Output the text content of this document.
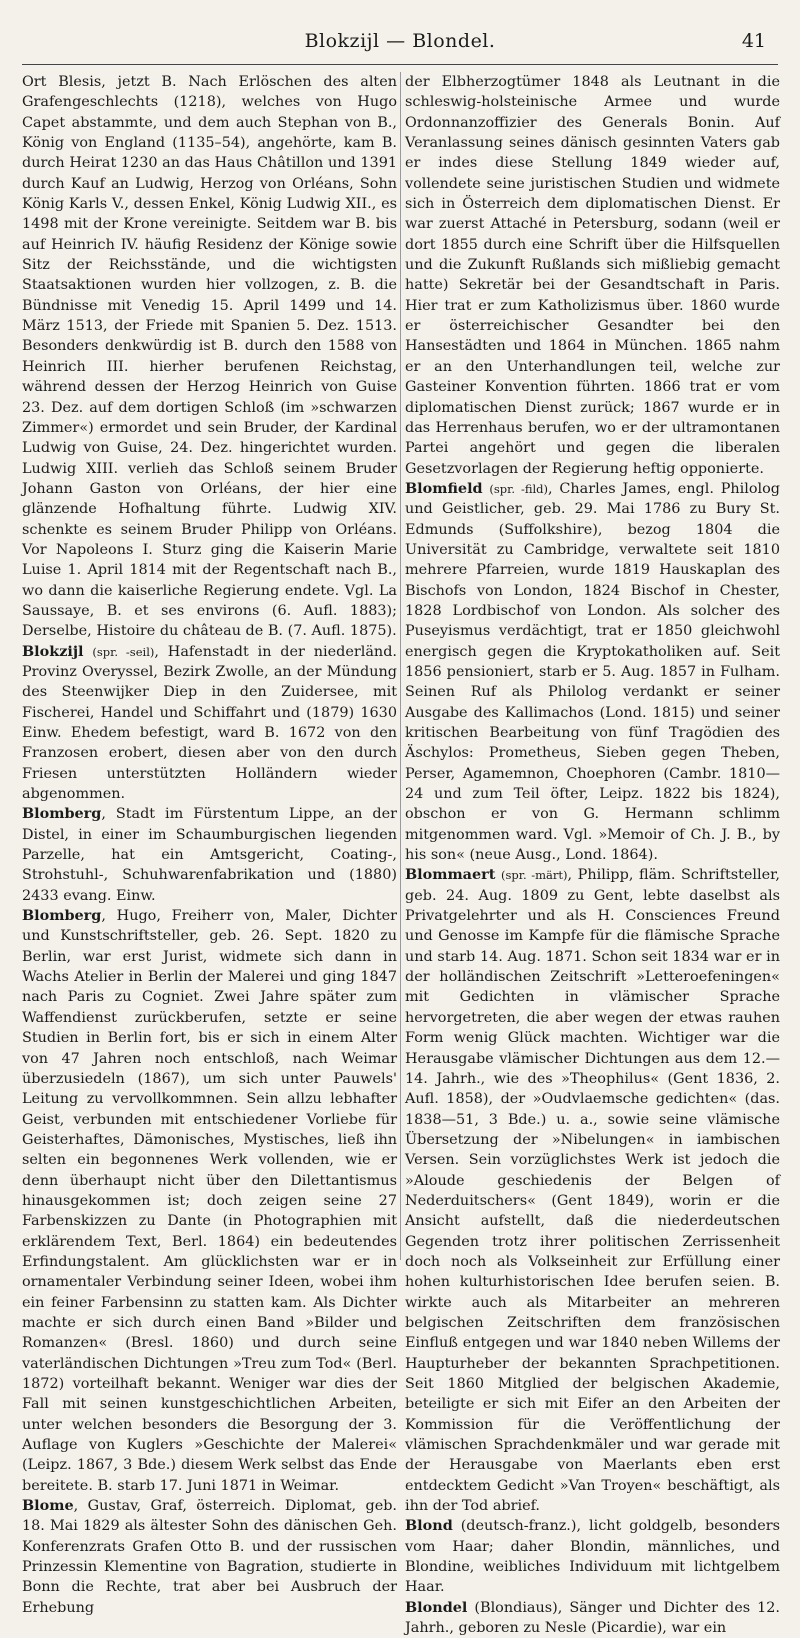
Blokzijl — Blondel.	41

Ort Blesis, jetzt B. Nach Erlöschen des alten Grafengeschlechts (1218), welches von Hugo Capet abstammte, und dem auch Stephan von B., König von England (1135–54), angehörte, kam B. durch Heirat 1230 an das Haus Châtillon und 1391 durch Kauf an Ludwig, Herzog von Orléans, Sohn König Karls V., dessen Enkel, König Ludwig XII., es 1498 mit der Krone vereinigte. Seitdem war B. bis auf Heinrich IV. häufig Residenz der Könige sowie Sitz der Reichsstände, und die wichtigsten Staatsaktionen wurden hier vollzogen, z. B. die Bündnisse mit Venedig 15. April 1499 und 14. März 1513, der Friede mit Spanien 5. Dez. 1513. Besonders denkwürdig ist B. durch den 1588 von Heinrich III. hierher berufenen Reichstag, während dessen der Herzog Heinrich von Guise 23. Dez. auf dem dortigen Schloß (im »schwarzen Zimmer«) ermordet und sein Bruder, der Kardinal Ludwig von Guise, 24. Dez. hingerichtet wurden. Ludwig XIII. verlieh das Schloß seinem Bruder Johann Gaston von Orléans, der hier eine glänzende Hofhaltung führte. Ludwig XIV. schenkte es seinem Bruder Philipp von Orléans. Vor Napoleons I. Sturz ging die Kaiserin Marie Luise 1. April 1814 mit der Regentschaft nach B., wo dann die kaiserliche Regierung endete. Vgl. La Saussaye, B. et ses environs (6. Aufl. 1883); Derselbe, Histoire du château de B. (7. Aufl. 1875).

Blokzijl (spr. -seil), Hafenstadt in der niederländ. Provinz Overyssel, Bezirk Zwolle, an der Mündung des Steenwijker Diep in den Zuidersee, mit Fischerei, Handel und Schiffahrt und (1879) 1630 Einw. Ehedem befestigt, ward B. 1672 von den Franzosen erobert, diesen aber von den durch Friesen unterstützten Holländern wieder abgenommen.

Blomberg, Stadt im Fürstentum Lippe, an der Distel, in einer im Schaumburgischen liegenden Parzelle, hat ein Amtsgericht, Coating-, Strohstuhl-, Schuhwarenfabrikation und (1880) 2433 evang. Einw.

Blomberg, Hugo, Freiherr von, Maler, Dichter und Kunstschriftsteller, geb. 26. Sept. 1820 zu Berlin, war erst Jurist, widmete sich dann in Wachs Atelier in Berlin der Malerei und ging 1847 nach Paris zu Cogniet. Zwei Jahre später zum Waffendienst zurückberufen, setzte er seine Studien in Berlin fort, bis er sich in einem Alter von 47 Jahren noch entschloß, nach Weimar überzusiedeln (1867), um sich unter Pauwels' Leitung zu vervollkommnen. Sein allzu lebhafter Geist, verbunden mit entschiedener Vorliebe für Geisterhaftes, Dämonisches, Mystisches, ließ ihn selten ein begonnenes Werk vollenden, wie er denn überhaupt nicht über den Dilettantismus hinausgekommen ist; doch zeigen seine 27 Farbenskizzen zu Dante (in Photographien mit erklärendem Text, Berl. 1864) ein bedeutendes Erfindungstalent. Am glücklichsten war er in ornamentaler Verbindung seiner Ideen, wobei ihm ein feiner Farbensinn zu statten kam. Als Dichter machte er sich durch einen Band »Bilder und Romanzen« (Bresl. 1860) und durch seine vaterländischen Dichtungen »Treu zum Tod« (Berl. 1872) vorteilhaft bekannt. Weniger war dies der Fall mit seinen kunstgeschichtlichen Arbeiten, unter welchen besonders die Besorgung der 3. Auflage von Kuglers »Geschichte der Malerei« (Leipz. 1867, 3 Bde.) diesem Werk selbst das Ende bereitete. B. starb 17. Juni 1871 in Weimar.

Blome, Gustav, Graf, österreich. Diplomat, geb. 18. Mai 1829 als ältester Sohn des dänischen Geh. Konferenzrats Grafen Otto B. und der russischen Prinzessin Klementine von Bagration, studierte in Bonn die Rechte, trat aber bei Ausbruch der Erhebung

der Elbherzogtümer 1848 als Leutnant in die schleswig-holsteinische Armee und wurde Ordonnanzoffizier des Generals Bonin. Auf Veranlassung seines dänisch gesinnten Vaters gab er indes diese Stellung 1849 wieder auf, vollendete seine juristischen Studien und widmete sich in Österreich dem diplomatischen Dienst. Er war zuerst Attaché in Petersburg, sodann (weil er dort 1855 durch eine Schrift über die Hilfsquellen und die Zukunft Rußlands sich mißliebig gemacht hatte) Sekretär bei der Gesandtschaft in Paris. Hier trat er zum Katholizismus über. 1860 wurde er österreichischer Gesandter bei den Hansestädten und 1864 in München. 1865 nahm er an den Unterhandlungen teil, welche zur Gasteiner Konvention führten. 1866 trat er vom diplomatischen Dienst zurück; 1867 wurde er in das Herrenhaus berufen, wo er der ultramontanen Partei angehört und gegen die liberalen Gesetzvorlagen der Regierung heftig opponierte.

Blomfield (spr. -fild), Charles James, engl. Philolog und Geistlicher, geb. 29. Mai 1786 zu Bury St. Edmunds (Suffolkshire), bezog 1804 die Universität zu Cambridge, verwaltete seit 1810 mehrere Pfarreien, wurde 1819 Hauskaplan des Bischofs von London, 1824 Bischof in Chester, 1828 Lordbischof von London. Als solcher des Puseyismus verdächtigt, trat er 1850 gleichwohl energisch gegen die Kryptokatholiken auf. Seit 1856 pensioniert, starb er 5. Aug. 1857 in Fulham. Seinen Ruf als Philolog verdankt er seiner Ausgabe des Kallimachos (Lond. 1815) und seiner kritischen Bearbeitung von fünf Tragödien des Äschylos: Prometheus, Sieben gegen Theben, Perser, Agamemnon, Choephoren (Cambr. 1810—24 und zum Teil öfter, Leipz. 1822 bis 1824), obschon er von G. Hermann schlimm mitgenommen ward. Vgl. »Memoir of Ch. J. B., by his son« (neue Ausg., Lond. 1864).

Blommaert (spr. -märt), Philipp, fläm. Schriftsteller, geb. 24. Aug. 1809 zu Gent, lebte daselbst als Privatgelehrter und als H. Consciences Freund und Genosse im Kampfe für die flämische Sprache und starb 14. Aug. 1871. Schon seit 1834 war er in der holländischen Zeitschrift »Letteroefeningen« mit Gedichten in vlämischer Sprache hervorgetreten, die aber wegen der etwas rauhen Form wenig Glück machten. Wichtiger war die Herausgabe vlämischer Dichtungen aus dem 12.—14. Jahrh., wie des »Theophilus« (Gent 1836, 2. Aufl. 1858), der »Oudvlaemsche gedichten« (das. 1838—51, 3 Bde.) u. a., sowie seine vlämische Übersetzung der »Nibelungen« in iambischen Versen. Sein vorzüglichstes Werk ist jedoch die »Aloude geschiedenis der Belgen of Nederduitschers« (Gent 1849), worin er die Ansicht aufstellt, daß die niederdeutschen Gegenden trotz ihrer politischen Zerrissenheit doch noch als Volkseinheit zur Erfüllung einer hohen kulturhistorischen Idee berufen seien. B. wirkte auch als Mitarbeiter an mehreren belgischen Zeitschriften dem französischen Einfluß entgegen und war 1840 neben Willems der Haupturheber der bekannten Sprachpetitionen. Seit 1860 Mitglied der belgischen Akademie, beteiligte er sich mit Eifer an den Arbeiten der Kommission für die Veröffentlichung der vlämischen Sprachdenkmäler und war gerade mit der Herausgabe von Maerlants eben erst entdecktem Gedicht »Van Troyen« beschäftigt, als ihn der Tod abrief.

Blond (deutsch-franz.), licht goldgelb, besonders vom Haar; daher Blondin, männliches, und Blondine, weibliches Individuum mit lichtgelbem Haar.

Blondel (Blondiaus), Sänger und Dichter des 12. Jahrh., geboren zu Nesle (Picardie), war ein
